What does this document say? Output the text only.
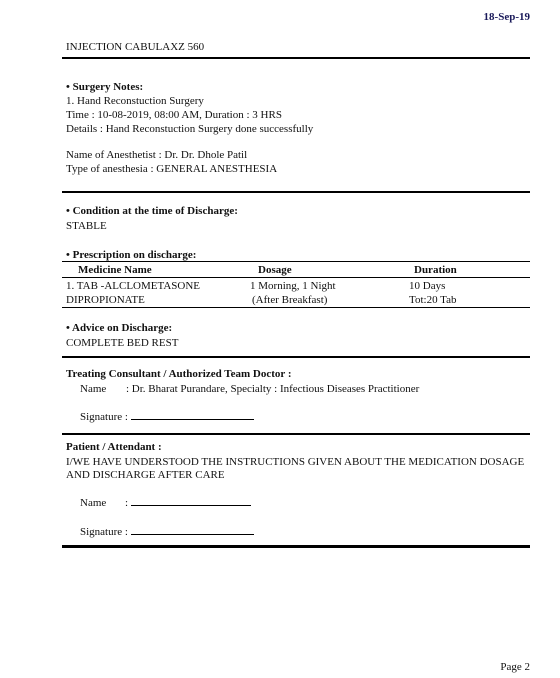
18-Sep-19
INJECTION CABULAXZ 560
• Surgery Notes:
1. Hand Reconstuction Surgery
Time : 10-08-2019, 08:00 AM, Duration : 3 HRS
Details : Hand Reconstuction Surgery done successfully
Name of Anesthetist : Dr. Dr. Dhole Patil
Type of anesthesia : GENERAL ANESTHESIA
• Condition at the time of Discharge:
STABLE
• Prescription on discharge:
Medicine Name	Dosage	Duration
1. TAB -ALCLOMETASONE
DIPROPIONATE
1 Morning, 1 Night
(After Breakfast)
10 Days
Tot:20 Tab
• Advice on Discharge:
COMPLETE BED REST
Treating Consultant / Authorized Team Doctor :
Name : Dr. Bharat Purandare, Specialty : Infectious Diseases Practitioner
Signature :
Patient / Attendant :
I/WE HAVE UNDERSTOOD THE INSTRUCTIONS GIVEN ABOUT THE MEDICATION DOSAGE
AND DISCHARGE AFTER CARE
Name :
Signature :
Page 2
